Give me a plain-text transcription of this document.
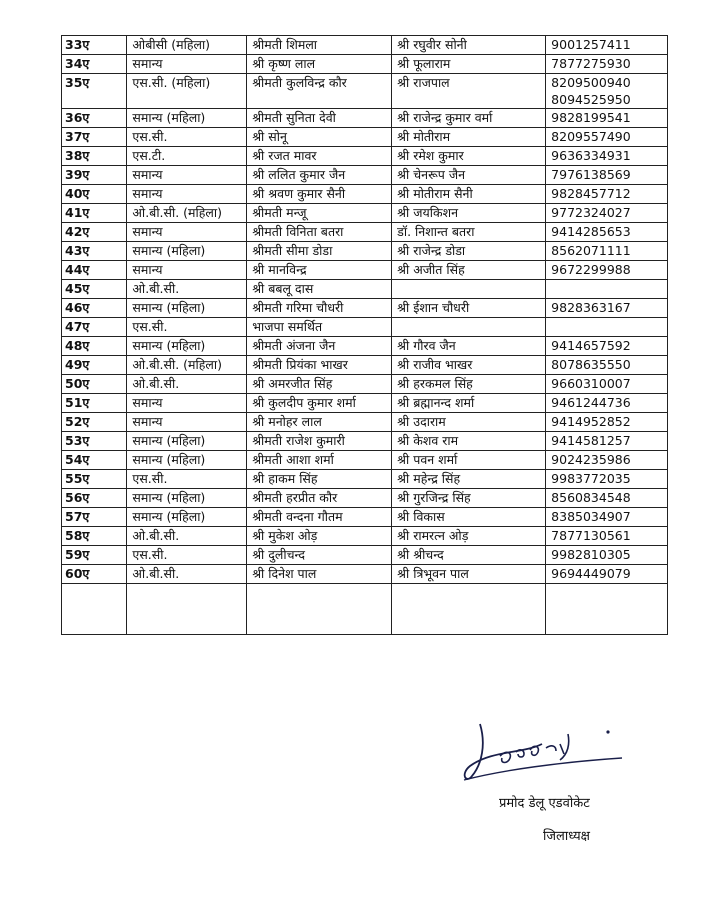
33ए	ओबीसी (महिला)	श्रीमती शिमला	श्री रघुवीर सोनी	9001257411
34ए	समान्य	श्री कृष्ण लाल	श्री फूलाराम	7877275930
35ए	एस.सी. (महिला)	श्रीमती कुलविन्द्र कौर	श्री राजपाल	8209500940
8094525950
36ए	समान्य (महिला)	श्रीमती सुनिता देवी	श्री राजेन्द्र कुमार वर्मा	9828199541
37ए	एस.सी.	श्री सोनू	श्री मोतीराम	8209557490
38ए	एस.टी.	श्री रजत मावर	श्री रमेश कुमार	9636334931
39ए	समान्य	श्री ललित कुमार जैन	श्री चेनरूप जैन	7976138569
40ए	समान्य	श्री श्रवण कुमार सैनी	श्री मोतीराम सैनी	9828457712
41ए	ओ.बी.सी. (महिला)	श्रीमती मन्जू	श्री जयकिशन	9772324027
42ए	समान्य	श्रीमती विनिता बतरा	डॉ. निशान्त बतरा	9414285653
43ए	समान्य (महिला)	श्रीमती सीमा डोडा	श्री राजेन्द्र डोडा	8562071111
44ए	समान्य	श्री मानविन्द्र	श्री अजीत सिंह	9672299988
45ए	ओ.बी.सी.	श्री बबलू दास		
46ए	समान्य (महिला)	श्रीमती गरिमा चौधरी	श्री ईशान चौधरी	9828363167
47ए	एस.सी.	भाजपा समर्थित		
48ए	समान्य (महिला)	श्रीमती अंजना जैन	श्री गौरव जैन	9414657592
49ए	ओ.बी.सी. (महिला)	श्रीमती प्रियंका भाखर	श्री राजीव भाखर	8078635550
50ए	ओ.बी.सी.	श्री अमरजीत सिंह	श्री हरकमल सिंह	9660310007
51ए	समान्य	श्री कुलदीप कुमार शर्मा	श्री ब्रह्मानन्द शर्मा	9461244736
52ए	समान्य	श्री मनोहर लाल	श्री उदाराम	9414952852
53ए	समान्य (महिला)	श्रीमती राजेश कुमारी	श्री केशव राम	9414581257
54ए	समान्य (महिला)	श्रीमती आशा शर्मा	श्री पवन शर्मा	9024235986
55ए	एस.सी.	श्री हाकम सिंह	श्री महेन्द्र सिंह	9983772035
56ए	समान्य (महिला)	श्रीमती हरप्रीत कौर	श्री गुरजिन्द्र सिंह	8560834548
57ए	समान्य (महिला)	श्रीमती वन्दना गौतम	श्री विकास	8385034907
58ए	ओ.बी.सी.	श्री मुकेश ओड़	श्री रामरत्न ओड़	7877130561
59ए	एस.सी.	श्री दुलीचन्द	श्री श्रीचन्द	9982810305
60ए	ओ.बी.सी.	श्री दिनेश पाल	श्री त्रिभूवन पाल	9694449079

प्रमोद डेलू एडवोकेट
जिलाध्यक्ष
